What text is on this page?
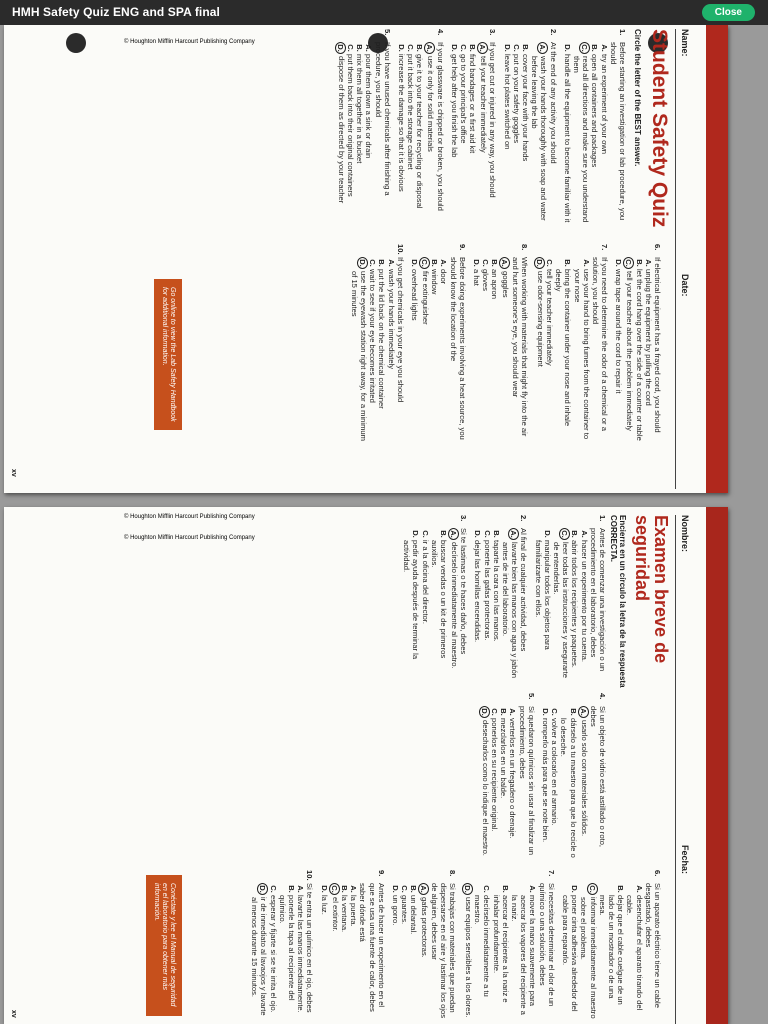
HMH Safety Quiz ENG and SPA final	Close
Name:
Date:
Student Safety Quiz
Circle the letter of the BEST answer.
1.
Before starting an investigation or lab procedure, you should
A.
try an experiment of your own
B.
open all containers and packages
C.
read all directions and make sure you understand them
D.
handle all the equipment to become familiar with it
2.
At the end of any activity you should
A.
wash your hands thoroughly with soap and water before leaving the lab
B.
cover your face with your hands
C.
put on your safety goggles
D.
leave hot plates switched on
3.
If you get cut or injured in any way, you should
A.
tell your teacher immediately
B.
find bandages or a first aid kit
C.
go to your principal's office
D.
get help after you finish the lab
4.
If your glassware is chipped or broken, you should
A.
use it only for solid materials
B.
give it to your teacher for recycling or disposal
C.
put it back into the storage cabinet
D.
increase the damage so that it is obvious
5.
If you have unused chemicals after finishing a procedure, you should
A.
pour them down a sink or drain
B.
mix them all together in a bucket
C.
put them back into their original containers
D.
dispose of them as directed by your teacher
6.
If electrical equipment has a frayed cord, you should
A.
unplug the equipment by pulling the cord
B.
let the cord hang over the side of a counter or table
C.
tell your teacher about the problem immediately
D.
wrap tape around the cord to repair it
7.
If you need to determine the odor of a chemical or a solution, you should
A.
use your hand to bring fumes from the container to your nose
B.
bring the container under your nose and inhale deeply
C.
tell your teacher immediately
D.
use odor-sensing equipment
8.
When working with materials that might fly into the air and hurt someone's eye, you should wear
A.
goggles
B.
an apron
C.
gloves
D.
a hat
9.
Before doing experiments involving a heat source, you should know the location of the
A.
door
B.
window
C.
fire extinguisher
D.
overhead lights
10.
If you get chemicals in your eye you should
A.
wash your hands immediately
B.
put the lid back on the chemical container
C.
wait to see if your eye becomes irritated
D.
use the eyewash station right away, for a minimum of 15 minutes
Go online to view the Lab Safety Handbook for additional information.
xv
© Houghton Mifflin Harcourt Publishing Company
© Houghton Mifflin Harcourt Publishing Company	Nombre:
Fecha:
Examen breve de seguridad
Encierra en un círculo la letra de la respuesta CORRECTA.
1.
Antes de comenzar una investigación o un procedimiento en el laboratorio, debes
A.
hacer un experimento por tu cuenta.
B.
abrir todos los recipientes y paquetes.
C.
leer todas las instrucciones y asegurarte de entenderlas.
D.
manipular todos los objetos para familiarizarte con ellos.
2.
Al final de cualquier actividad, debes
A.
lavarte bien las manos con agua y jabón antes de irte del laboratorio.
B.
taparte la cara con las manos.
C.
ponerte las gafas protectoras.
D.
dejar las hornillas encendidas.
3.
Si te lastimas o te haces daño, debes
A.
decírselo inmediatamente al maestro.
B.
buscar vendas o un kit de primeros auxilios.
C.
ir a la oficina del director.
D.
pedir ayuda después de terminar la actividad.
4.
Si un objeto de vidrio está astillado o roto, debes
A.
usarlo solo con materiales sólidos.
B.
dárselo a tu maestro para que lo recicle o lo deseche.
C.
volver a colocarlo en el armario.
D.
romperlo más para que se note bien.
5.
Si quedaron químicos sin usar al finalizar un procedimiento, debes
A.
verterlos en un fregadero o drenaje.
B.
mezclarlos en un balde.
C.
ponerlos en su recipiente original.
D.
desecharlos como lo indique el maestro.
6.
Si un aparato eléctrico tiene un cable desgastado, debes
A.
desenchufar el aparato tirando del cable.
B.
dejar que el cable cuelgue de un lado de un mostrador o de una mesa.
C.
informar inmediatamente al maestro sobre el problema.
D.
poner cinta adhesiva alrededor del cable para repararlo.
7.
Si necesitas determinar el olor de un químico o una solución, debes
A.
mover la mano suavemente para acercar los vapores del recipiente a la nariz.
B.
acercar el recipiente a la nariz e inhalar profundamente.
C.
decírselo inmediatamente a tu maestro.
D.
usar equipos sensibles a los olores.
8.
Si trabajas con materiales que puedan dispersarse en el aire y lastimar los ojos de alguien, debes usar
A.
gafas protectoras.
B.
un delantal.
C.
guantes.
D.
un gorro.
9.
Antes de hacer un experimento en el que se usa una fuente de calor, debes saber dónde está
A.
la puerta.
B.
la ventana.
C.
el extintor.
D.
la luz.
10.
Si te entra un químico en el ojo, debes
A.
lavarte las manos inmediatamente.
B.
ponerle la tapa al recipiente del químico.
C.
esperar y fijarte si se te irrita el ojo.
D.
ir de inmediato al lavaojos y lavarte al menos durante 15 minutos.
Conéctate y lee el Manual de seguridad en el laboratorio para obtener más información.
xv
© Houghton Mifflin Harcourt Publishing Company
